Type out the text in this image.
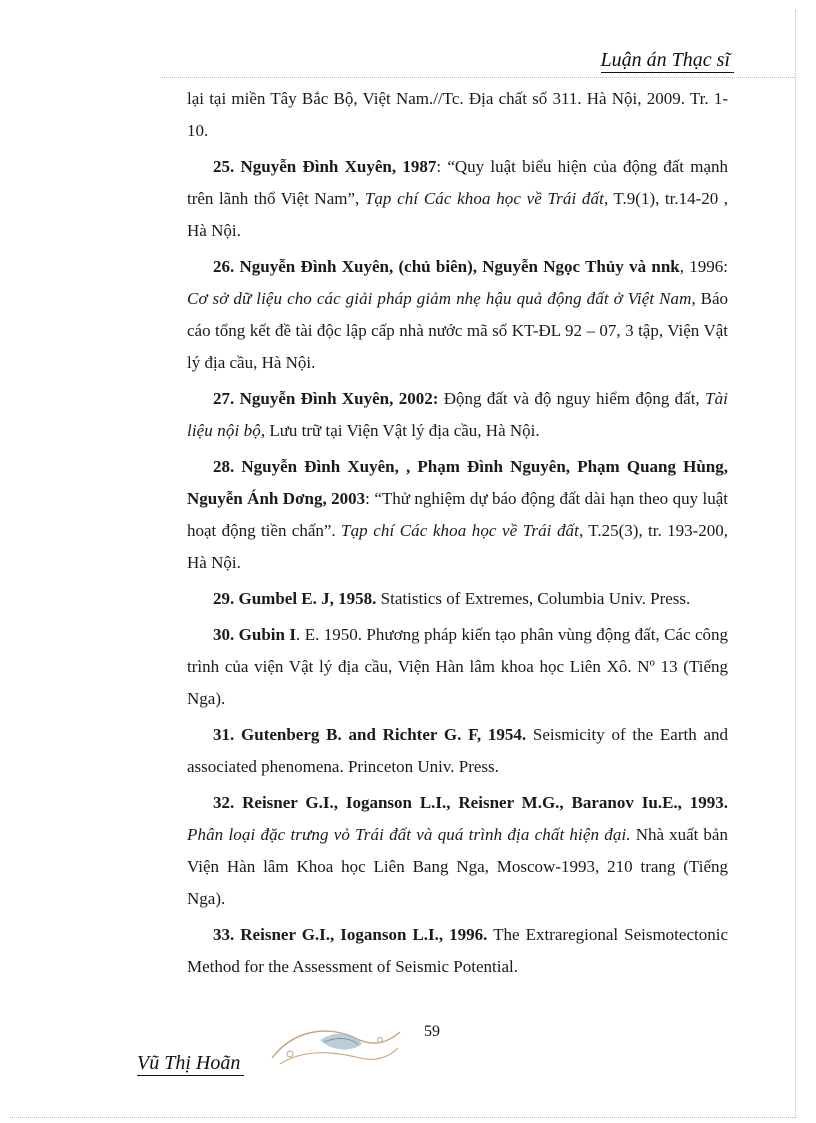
Luận án Thạc sĩ

lại tại miền Tây Bắc Bộ, Việt Nam.//Tc. Địa chất số 311. Hà Nội, 2009. Tr. 1-10.

25. Nguyễn Đình Xuyên, 1987: “Quy luật biểu hiện của động đất mạnh trên lãnh thổ Việt Nam”, Tạp chí Các khoa học về Trái đất, T.9(1), tr.14-20 , Hà Nội.

26. Nguyễn Đình Xuyên, (chủ biên), Nguyễn Ngọc Thủy và nnk, 1996: Cơ sở dữ liệu cho các giải pháp giảm nhẹ hậu quả động đất ở Việt Nam, Báo cáo tổng kết đề tài độc lập cấp nhà nước mã số KT-ĐL 92 – 07, 3 tập, Viện Vật lý địa cầu, Hà Nội.

27. Nguyễn Đình Xuyên, 2002: Động đất và độ nguy hiểm động đất, Tài liệu nội bộ, Lưu trữ tại Viện Vật lý địa cầu, Hà Nội.

28. Nguyễn Đình Xuyên, , Phạm Đình Nguyên, Phạm Quang Hùng, Nguyễn Ánh Dơng, 2003: “Thử nghiệm dự báo động đất dài hạn theo quy luật hoạt động tiền chấn”. Tạp chí Các khoa học về Trái đất, T.25(3), tr. 193-200, Hà Nội.

29. Gumbel E. J, 1958. Statistics of Extremes, Columbia Univ. Press.

30. Gubin I. E. 1950. Phương pháp kiến tạo phân vùng động đất, Các công trình của viện Vật lý địa cầu, Viện Hàn lâm khoa học Liên Xô. Nº 13 (Tiếng Nga).

31. Gutenberg B. and Richter G. F, 1954. Seismicity of the Earth and associated phenomena. Princeton Univ. Press.

32. Reisner G.I., Ioganson L.I., Reisner M.G., Baranov Iu.E., 1993. Phân loại đặc trưng vỏ Trái đất và quá trình địa chất hiện đại. Nhà xuất bản Viện Hàn lâm Khoa học Liên Bang Nga, Moscow-1993, 210 trang (Tiếng Nga).

33. Reisner G.I., Ioganson L.I., 1996. The Extraregional Seismotectonic Method for the Assessment of Seismic Potential.

59
Vũ Thị Hoãn
